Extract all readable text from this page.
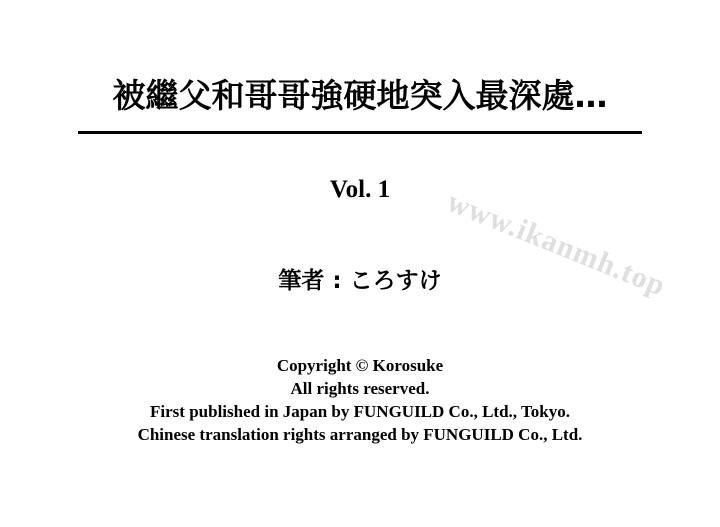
被繼父和哥哥強硬地突入最深處…
Vol. 1
筆者 : ころすけ
Copyright © Korosuke
All rights reserved.
First published in Japan by FUNGUILD Co., Ltd., Tokyo.
Chinese translation rights arranged by FUNGUILD Co., Ltd.
www.ikanmh.top
